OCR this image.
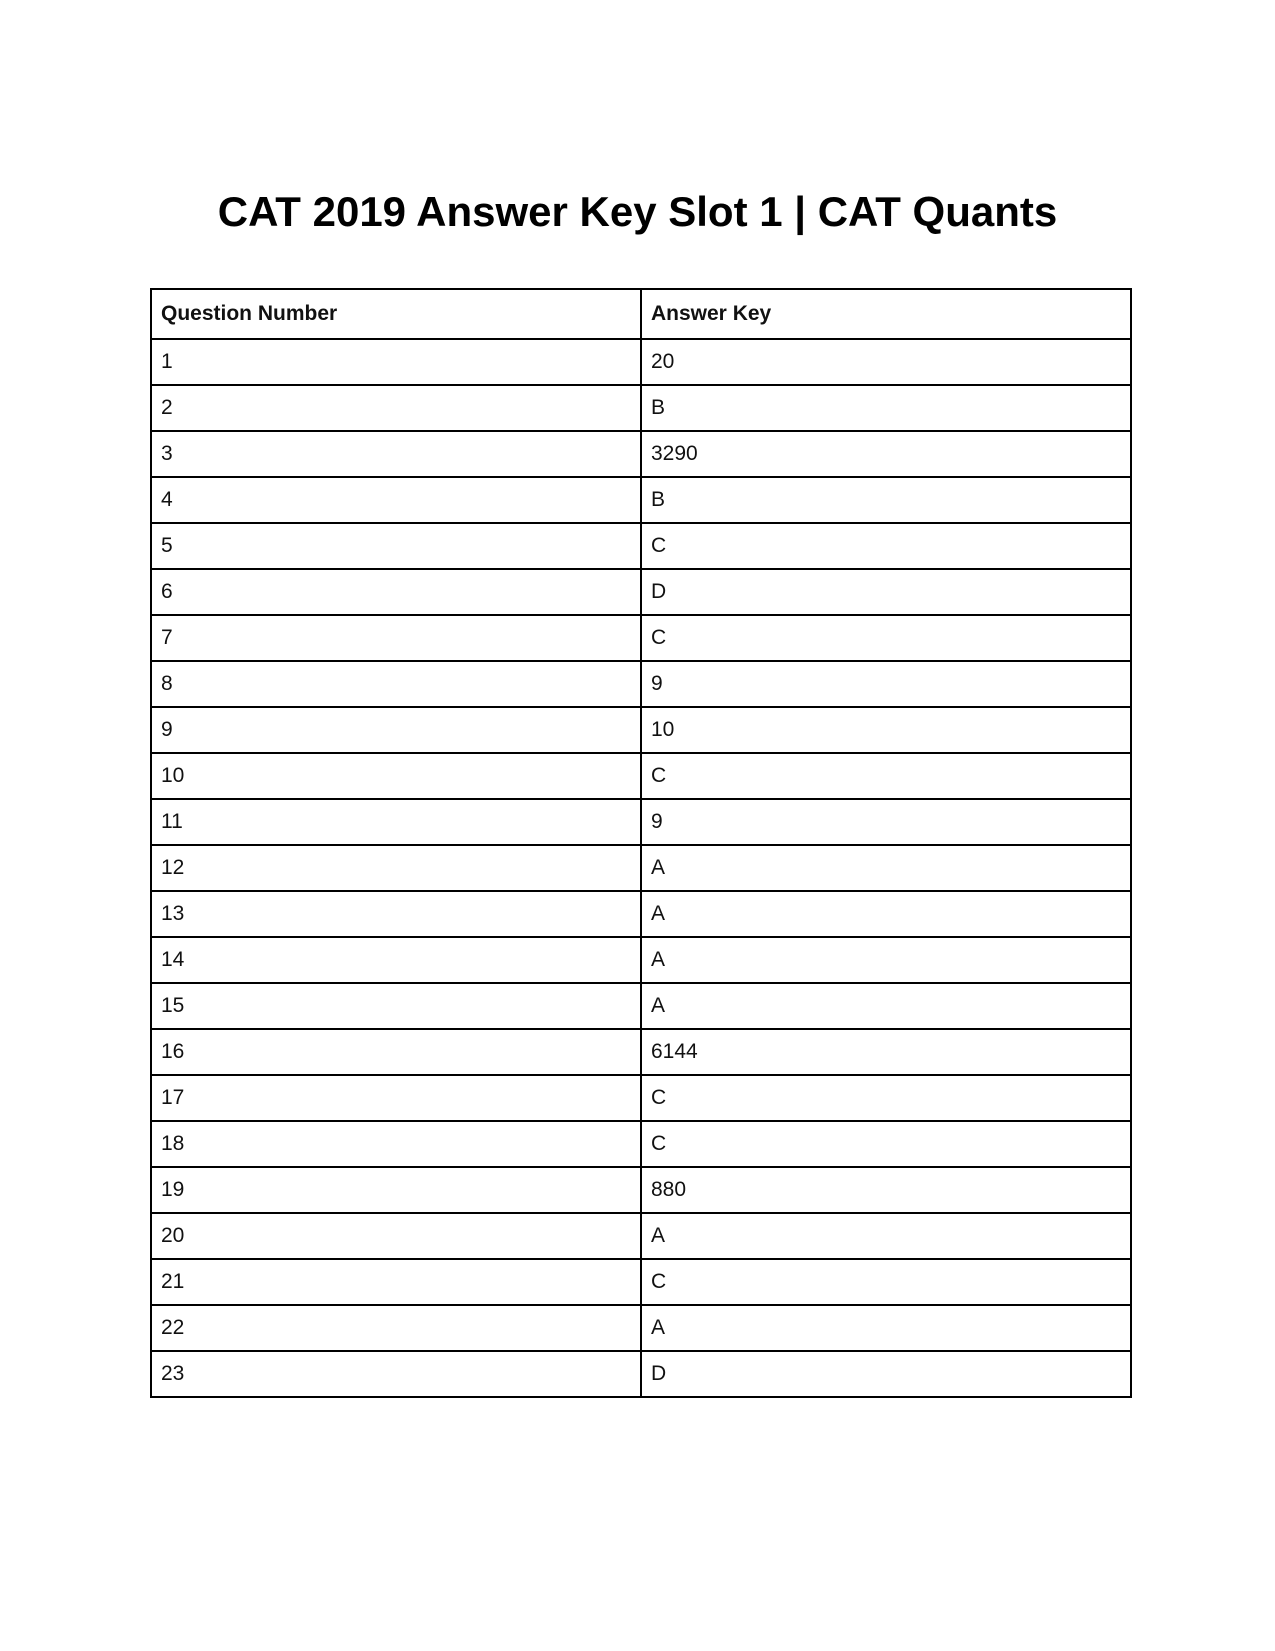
CAT 2019 Answer Key Slot 1 | CAT Quants
Question Number	Answer Key
1	20
2	B
3	3290
4	B
5	C
6	D
7	C
8	9
9	10
10	C
11	9
12	A
13	A
14	A
15	A
16	6144
17	C
18	C
19	880
20	A
21	C
22	A
23	D
